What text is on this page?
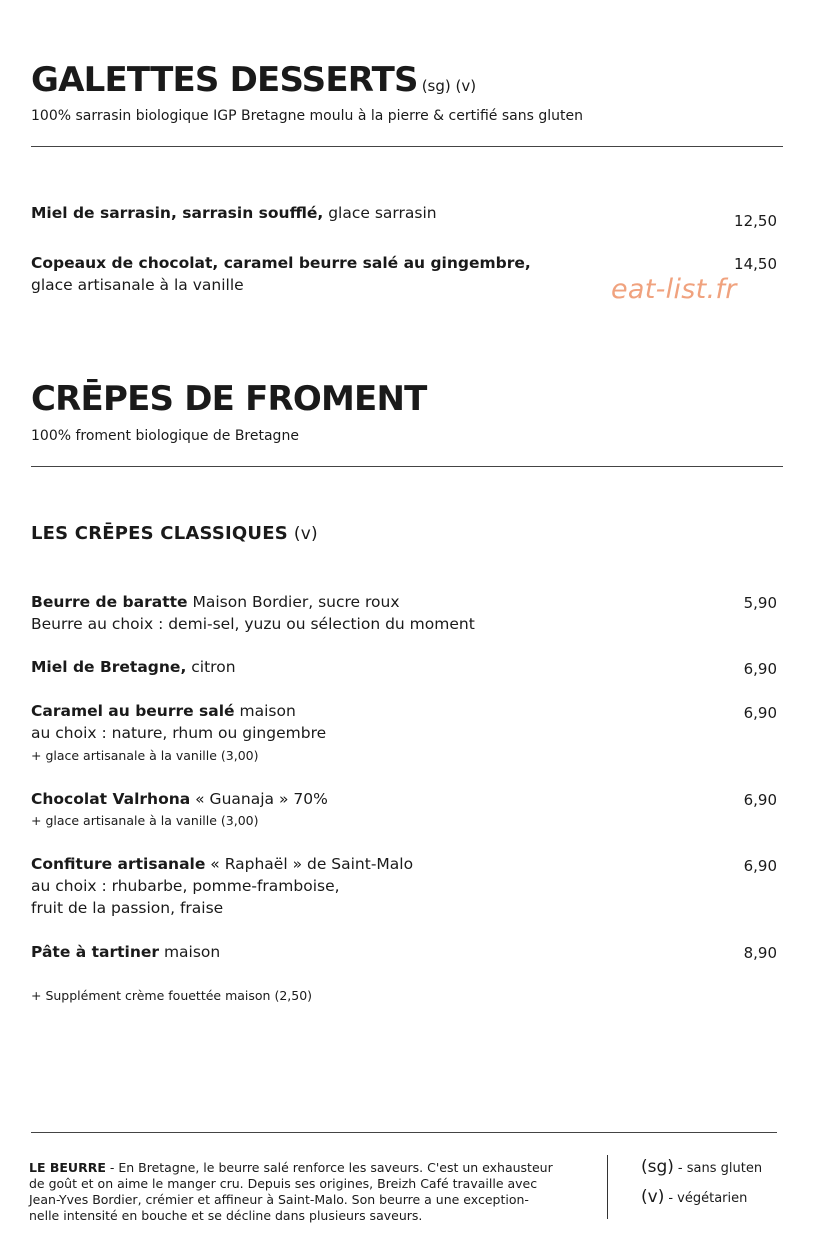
GALETTES DESSERTS (sg) (v)
100% sarrasin biologique IGP Bretagne moulu à la pierre & certifié sans gluten
Miel de sarrasin, sarrasin soufflé, glace sarrasin	12,50
Copeaux de chocolat, caramel beurre salé au gingembre,
glace artisanale à la vanille
14,50
eat-list.fr
CRĒPES DE FROMENT
100% froment biologique de Bretagne
LES CRĒPES CLASSIQUES (v)
Beurre de baratte Maison Bordier, sucre roux
Beurre au choix : demi-sel, yuzu ou sélection du moment
5,90
Miel de Bretagne, citron	6,90
Caramel au beurre salé maison
au choix : nature, rhum ou gingembre
+ glace artisanale à la vanille (3,00)
6,90
Chocolat Valrhona « Guanaja » 70%
+ glace artisanale à la vanille (3,00)
6,90
Confiture artisanale « Raphaël » de Saint-Malo
au choix : rhubarbe, pomme-framboise,
fruit de la passion, fraise
6,90
Pâte à tartiner maison	8,90
+ Supplément crème fouettée maison (2,50)
LE BEURRE - En Bretagne, le beurre salé renforce les saveurs. C'est un exhausteur
de goût et on aime le manger cru. Depuis ses origines, Breizh Café travaille avec
Jean-Yves Bordier, crémier et affineur à Saint-Malo. Son beurre a une exception-
nelle intensité en bouche et se décline dans plusieurs saveurs.
(sg) - sans gluten
(v) - végétarien
